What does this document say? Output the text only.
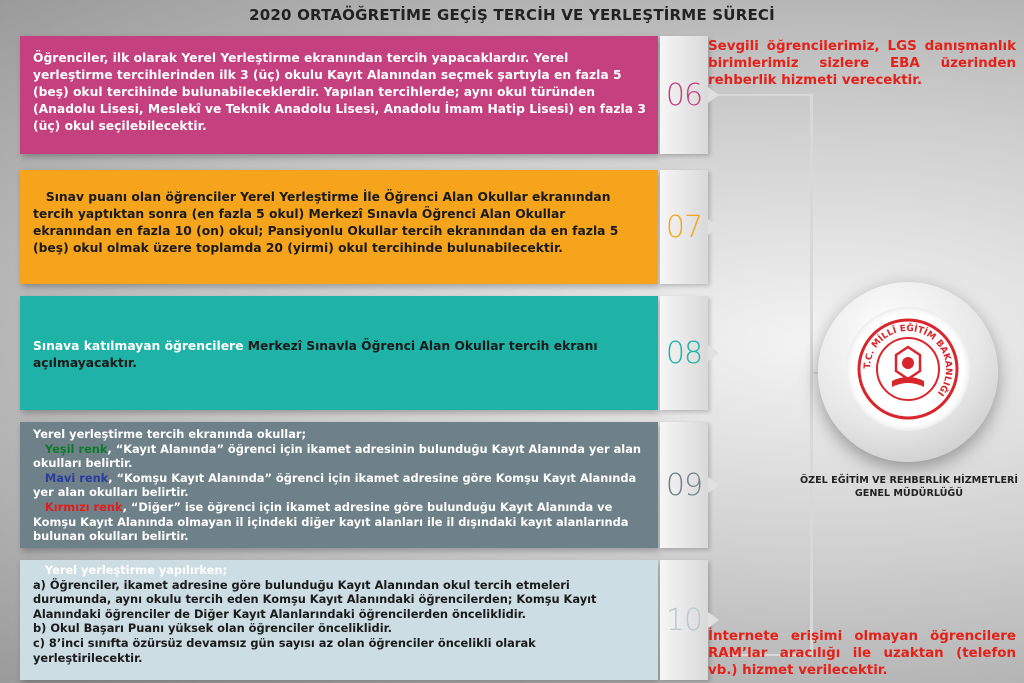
2020 ORTAÖĞRETİME GEÇİŞ TERCİH VE YERLEŞTİRME SÜRECİ
Öğrenciler, ilk olarak Yerel Yerleştirme ekranından tercih yapacaklardır. Yerel yerleştirme tercihlerinden ilk 3 (üç) okulu Kayıt Alanından seçmek şartıyla en fazla 5 (beş) okul tercihinde bulunabileceklerdir. Yapılan tercihlerde; aynı okul türünden (Anadolu Lisesi, Meslekî ve Teknik Anadolu Lisesi, Anadolu İmam Hatip Lisesi) en fazla 3 (üç) okul seçilebilecektir.
06
Sınav puanı olan öğrenciler Yerel Yerleştirme İle Öğrenci Alan Okullar ekranından tercih yaptıktan sonra (en fazla 5 okul) Merkezî Sınavla Öğrenci Alan Okullar ekranından en fazla 10 (on) okul; Pansiyonlu Okullar tercih ekranından da en fazla 5 (beş) okul olmak üzere toplamda 20 (yirmi) okul tercihinde bulunabilecektir.
07
Sınava katılmayan öğrencilere Merkezî Sınavla Öğrenci Alan Okullar tercih ekranı açılmayacaktır.	08
Yerel yerleştirme tercih ekranında okullar;
Yeşil renk, “Kayıt Alanında” öğrenci için ikamet adresinin bulunduğu Kayıt Alanında yer alan okulları belirtir.
Mavi renk, “Komşu Kayıt Alanında” öğrenci için ikamet adresine göre Komşu Kayıt Alanında yer alan okulları belirtir.
Kırmızı renk, “Diğer” ise öğrenci için ikamet adresine göre bulunduğu Kayıt Alanında ve Komşu Kayıt Alanında olmayan il içindeki diğer kayıt alanları ile il dışındaki kayıt alanlarında bulunan okulları belirtir.
09
Yerel yerleştirme yapılırken;
a) Öğrenciler, ikamet adresine göre bulunduğu Kayıt Alanından okul tercih etmeleri durumunda, aynı okulu tercih eden Komşu Kayıt Alanındaki öğrencilerden; Komşu Kayıt Alanındaki öğrenciler de Diğer Kayıt Alanlarındaki öğrencilerden önceliklidir.
b) Okul Başarı Puanı yüksek olan öğrenciler önceliklidir.
c) 8’inci sınıfta özürsüz devamsız gün sayısı az olan öğrenciler öncelikli olarak yerleştirilecektir.
10
Sevgili öğrencilerimiz, LGS danışmanlık birimlerimiz sizlere EBA üzerinden rehberlik hizmeti verecektir.
İnternete erişimi olmayan öğrencilere RAM’lar aracılığı ile uzaktan (telefon vb.) hizmet verilecektir.
T.C. MİLLÎ EĞİTİM BAKANLIĞI
ÖZEL EĞİTİM VE REHBERLİK HİZMETLERİ GENEL MÜDÜRLÜĞÜ
